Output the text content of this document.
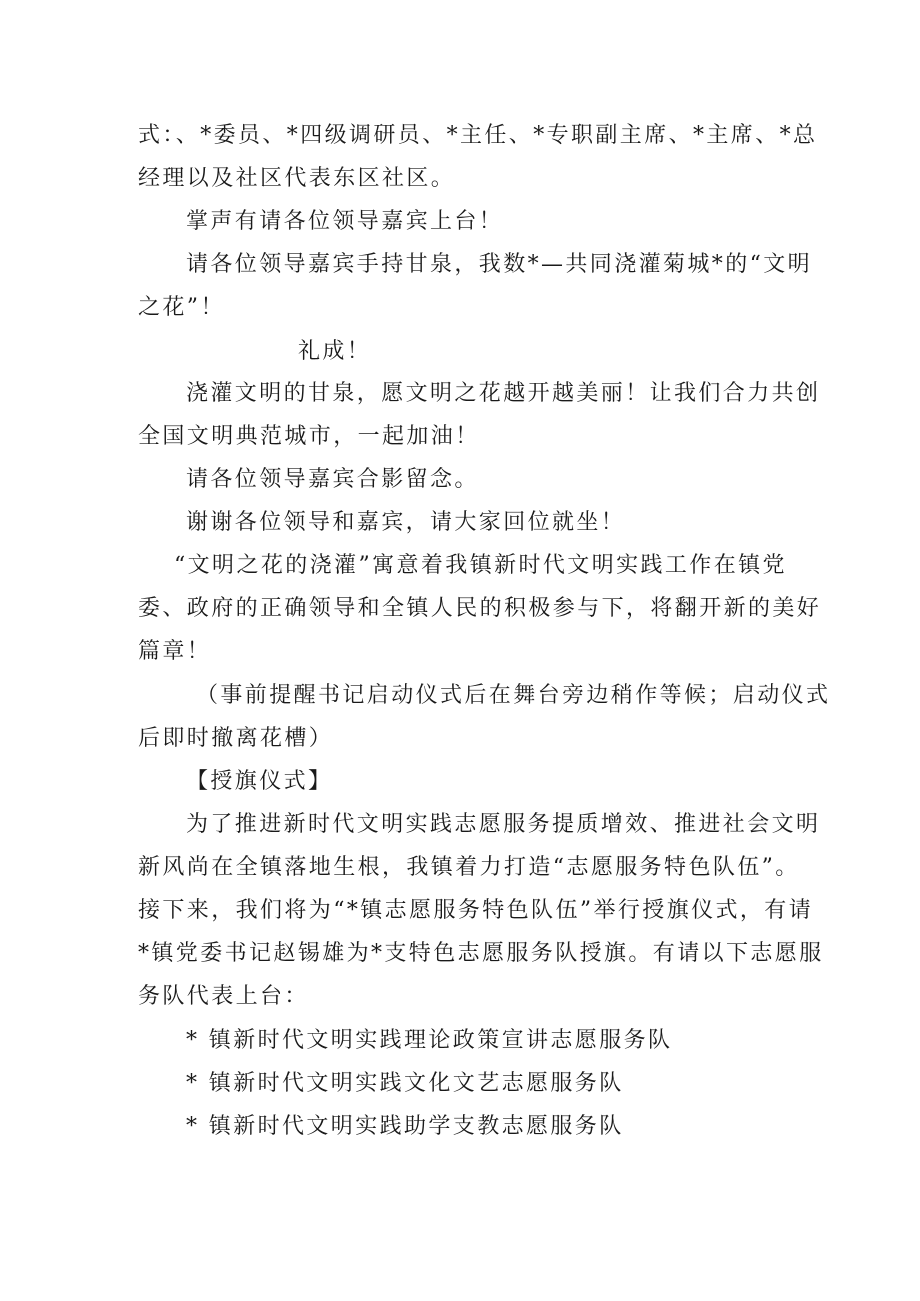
式：、*委员、*四级调研员、*主任、*专职副主席、*主席、*总
经理以及社区代表东区社区。
掌声有请各位领导嘉宾上台！
请各位领导嘉宾手持甘泉，我数*—共同浇灌菊城*的“文明
之花”！
礼成！
浇灌文明的甘泉，愿文明之花越开越美丽！让我们合力共创
全国文明典范城市，一起加油！
请各位领导嘉宾合影留念。
谢谢各位领导和嘉宾，请大家回位就坐！
“文明之花的浇灌”寓意着我镇新时代文明实践工作在镇党
委、政府的正确领导和全镇人民的积极参与下，将翻开新的美好
篇章！
（事前提醒书记启动仪式后在舞台旁边稍作等候；启动仪式
后即时撤离花槽）
【授旗仪式】
为了推进新时代文明实践志愿服务提质增效、推进社会文明
新风尚在全镇落地生根，我镇着力打造“志愿服务特色队伍”。
接下来，我们将为“*镇志愿服务特色队伍”举行授旗仪式，有请
*镇党委书记赵锡雄为*支特色志愿服务队授旗。有请以下志愿服
务队代表上台：
* 镇新时代文明实践理论政策宣讲志愿服务队
* 镇新时代文明实践文化文艺志愿服务队
* 镇新时代文明实践助学支教志愿服务队
